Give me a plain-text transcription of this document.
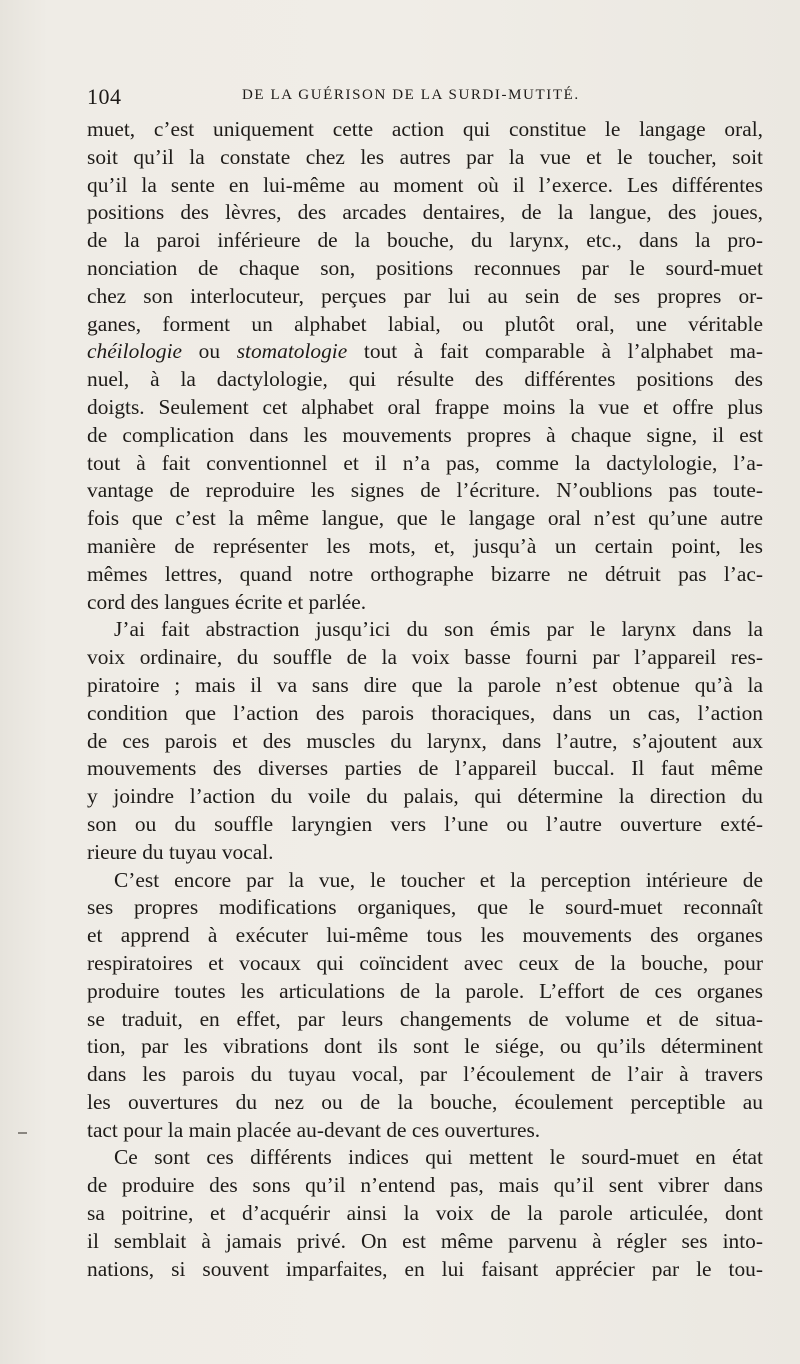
104	DE LA GUÉRISON DE LA SURDI-MUTITÉ.
muet, c’est uniquement cette action qui constitue le langage oral,
soit qu’il la constate chez les autres par la vue et le toucher, soit
qu’il la sente en lui-même au moment où il l’exerce. Les différentes
positions des lèvres, des arcades dentaires, de la langue, des joues,
de la paroi inférieure de la bouche, du larynx, etc., dans la pro-
nonciation de chaque son, positions reconnues par le sourd-muet
chez son interlocuteur, perçues par lui au sein de ses propres or-
ganes, forment un alphabet labial, ou plutôt oral, une véritable
chéilologie ou stomatologie tout à fait comparable à l’alphabet ma-
nuel, à la dactylologie, qui résulte des différentes positions des
doigts. Seulement cet alphabet oral frappe moins la vue et offre plus
de complication dans les mouvements propres à chaque signe, il est
tout à fait conventionnel et il n’a pas, comme la dactylologie, l’a-
vantage de reproduire les signes de l’écriture. N’oublions pas toute-
fois que c’est la même langue, que le langage oral n’est qu’une autre
manière de représenter les mots, et, jusqu’à un certain point, les
mêmes lettres, quand notre orthographe bizarre ne détruit pas l’ac-
cord des langues écrite et parlée.
J’ai fait abstraction jusqu’ici du son émis par le larynx dans la
voix ordinaire, du souffle de la voix basse fourni par l’appareil res-
piratoire ; mais il va sans dire que la parole n’est obtenue qu’à la
condition que l’action des parois thoraciques, dans un cas, l’action
de ces parois et des muscles du larynx, dans l’autre, s’ajoutent aux
mouvements des diverses parties de l’appareil buccal. Il faut même
y joindre l’action du voile du palais, qui détermine la direction du
son ou du souffle laryngien vers l’une ou l’autre ouverture exté-
rieure du tuyau vocal.
C’est encore par la vue, le toucher et la perception intérieure de
ses propres modifications organiques, que le sourd-muet reconnaît
et apprend à exécuter lui-même tous les mouvements des organes
respiratoires et vocaux qui coïncident avec ceux de la bouche, pour
produire toutes les articulations de la parole. L’effort de ces organes
se traduit, en effet, par leurs changements de volume et de situa-
tion, par les vibrations dont ils sont le siége, ou qu’ils déterminent
dans les parois du tuyau vocal, par l’écoulement de l’air à travers
les ouvertures du nez ou de la bouche, écoulement perceptible au
tact pour la main placée au-devant de ces ouvertures.
Ce sont ces différents indices qui mettent le sourd-muet en état
de produire des sons qu’il n’entend pas, mais qu’il sent vibrer dans
sa poitrine, et d’acquérir ainsi la voix de la parole articulée, dont
il semblait à jamais privé. On est même parvenu à régler ses into-
nations, si souvent imparfaites, en lui faisant apprécier par le tou-
